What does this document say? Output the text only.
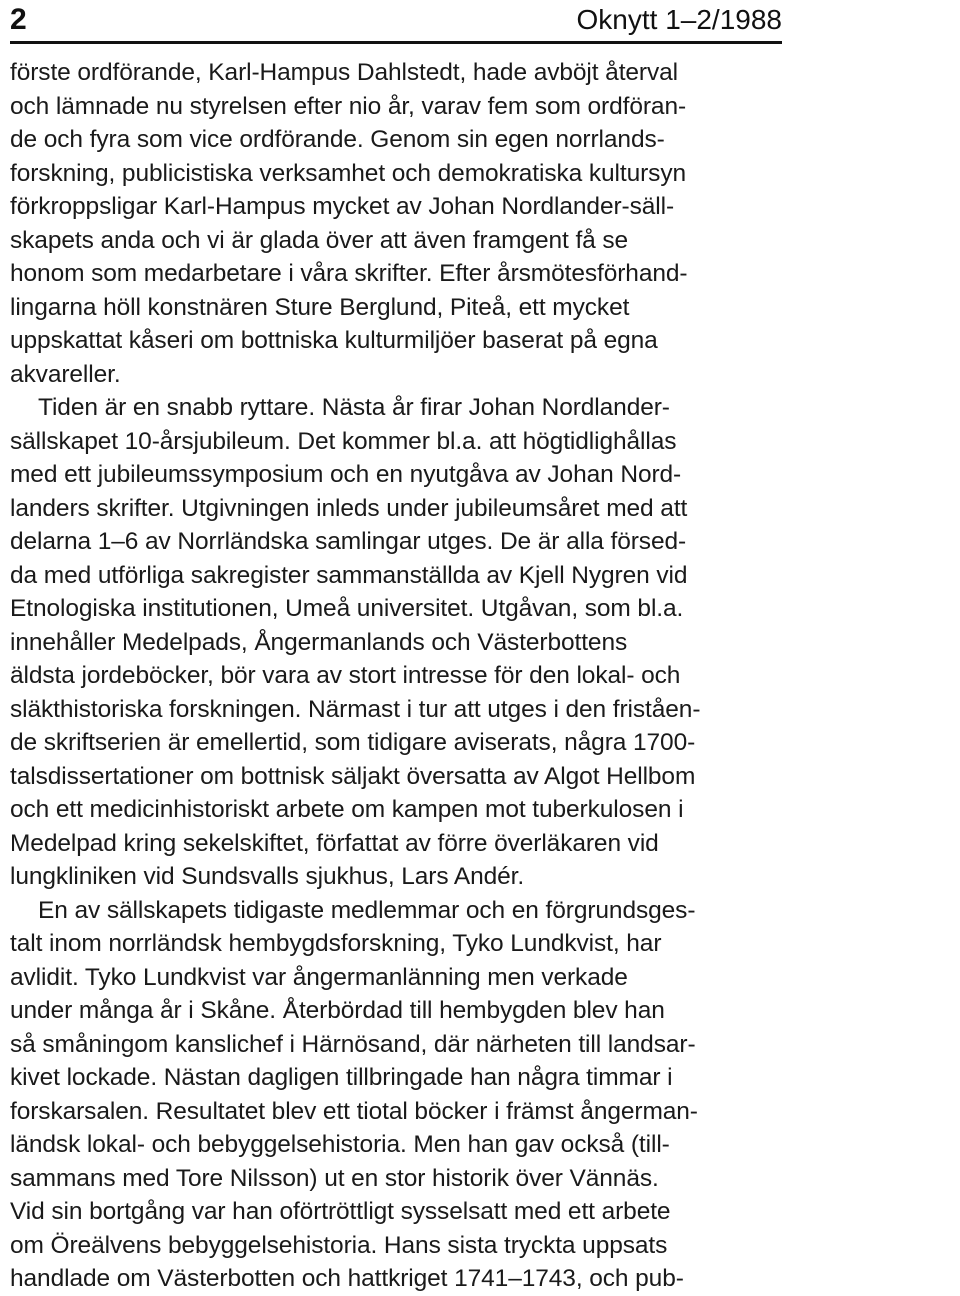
2	Oknytt 1–2/1988
förste ordförande, Karl-Hampus Dahlstedt, hade avböjt återval
och lämnade nu styrelsen efter nio år, varav fem som ordföran-
de och fyra som vice ordförande. Genom sin egen norrlands-
forskning, publicistiska verksamhet och demokratiska kultursyn
förkroppsligar Karl-Hampus mycket av Johan Nordlander-säll-
skapets anda och vi är glada över att även framgent få se
honom som medarbetare i våra skrifter. Efter årsmötesförhand-
lingarna höll konstnären Sture Berglund, Piteå, ett mycket
uppskattat kåseri om bottniska kulturmiljöer baserat på egna
akvareller.
Tiden är en snabb ryttare. Nästa år firar Johan Nordlander-
sällskapet 10-årsjubileum. Det kommer bl.a. att högtidlighållas
med ett jubileumssymposium och en nyutgåva av Johan Nord-
landers skrifter. Utgivningen inleds under jubileumsåret med att
delarna 1–6 av Norrländska samlingar utges. De är alla försed-
da med utförliga sakregister sammanställda av Kjell Nygren vid
Etnologiska institutionen, Umeå universitet. Utgåvan, som bl.a.
innehåller Medelpads, Ångermanlands och Västerbottens
äldsta jordeböcker, bör vara av stort intresse för den lokal- och
släkthistoriska forskningen. Närmast i tur att utges i den friståen-
de skriftserien är emellertid, som tidigare aviserats, några 1700-
talsdissertationer om bottnisk säljakt översatta av Algot Hellbom
och ett medicinhistoriskt arbete om kampen mot tuberkulosen i
Medelpad kring sekelskiftet, författat av förre överläkaren vid
lungkliniken vid Sundsvalls sjukhus, Lars Andér.
En av sällskapets tidigaste medlemmar och en förgrundsges-
talt inom norrländsk hembygdsforskning, Tyko Lundkvist, har
avlidit. Tyko Lundkvist var ångermanlänning men verkade
under många år i Skåne. Återbördad till hembygden blev han
så småningom kanslichef i Härnösand, där närheten till landsar-
kivet lockade. Nästan dagligen tillbringade han några timmar i
forskarsalen. Resultatet blev ett tiotal böcker i främst ångerman-
ländsk lokal- och bebyggelsehistoria. Men han gav också (till-
sammans med Tore Nilsson) ut en stor historik över Vännäs.
Vid sin bortgång var han oförtröttligt sysselsatt med ett arbete
om Öreälvens bebyggelsehistoria. Hans sista tryckta uppsats
handlade om Västerbotten och hattkriget 1741–1743, och pub-
